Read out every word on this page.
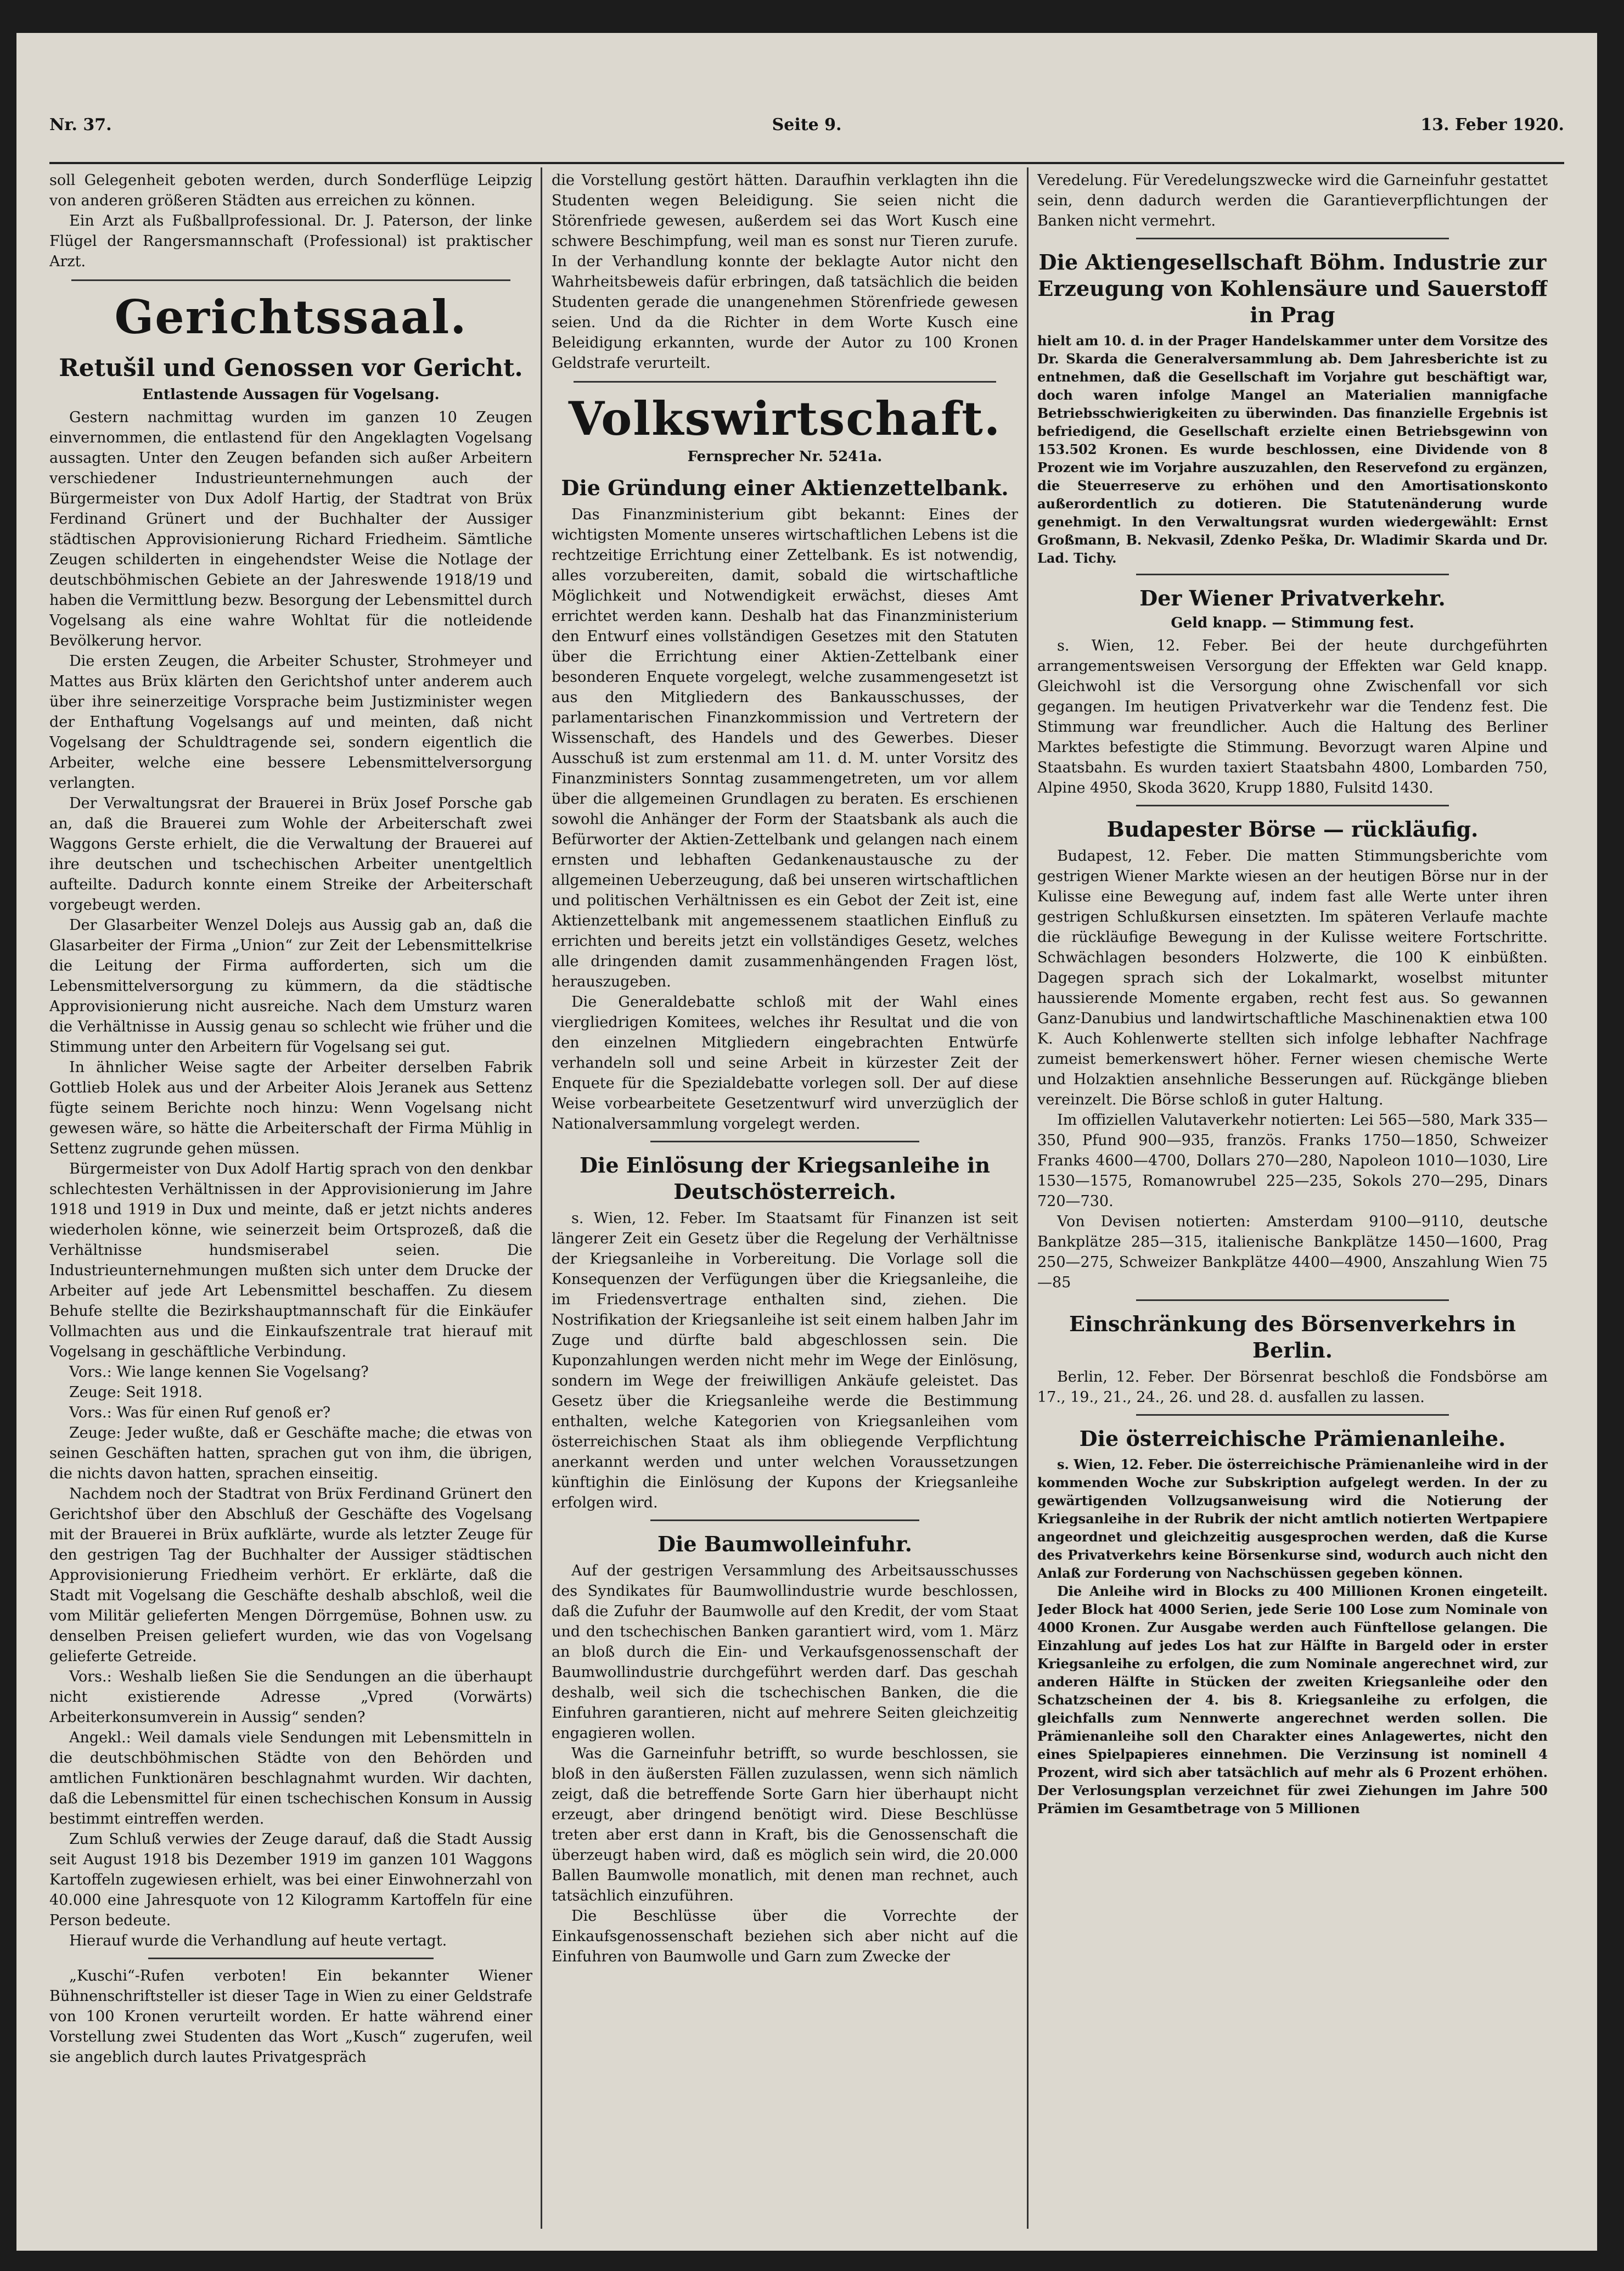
Nr. 37.	Seite 9.	13. Feber 1920.

soll Gelegenheit geboten werden, durch Sonderflüge Leipzig von anderen größeren Städten aus erreichen zu können.

Ein Arzt als Fußballprofessional. Dr. J. Paterson, der linke Flügel der Rangersmannschaft (Professional) ist praktischer Arzt.

Gerichtssaal.
Retušil und Genossen vor Gericht.
Entlastende Aussagen für Vogelsang.

Gestern nachmittag wurden im ganzen 10 Zeugen einvernommen, die entlastend für den Angeklagten Vogelsang aussagten. Unter den Zeugen befanden sich außer Arbeitern verschiedener Industrieunternehmungen auch der Bürgermeister von Dux Adolf Hartig, der Stadtrat von Brüx Ferdinand Grünert und der Buchhalter der Aussiger städtischen Approvisionierung Richard Friedheim. Sämtliche Zeugen schilderten in eingehendster Weise die Notlage der deutschböhmischen Gebiete an der Jahreswende 1918/19 und haben die Vermittlung bezw. Besorgung der Lebensmittel durch Vogelsang als eine wahre Wohltat für die notleidende Bevölkerung hervor.

Die ersten Zeugen, die Arbeiter Schuster, Strohmeyer und Mattes aus Brüx klärten den Gerichtshof unter anderem auch über ihre seinerzeitige Vorsprache beim Justizminister wegen der Enthaftung Vogelsangs auf und meinten, daß nicht Vogelsang der Schuldtragende sei, sondern eigentlich die Arbeiter, welche eine bessere Lebensmittelversorgung verlangten.

Der Verwaltungsrat der Brauerei in Brüx Josef Porsche gab an, daß die Brauerei zum Wohle der Arbeiterschaft zwei Waggons Gerste erhielt, die die Verwaltung der Brauerei auf ihre deutschen und tschechischen Arbeiter unentgeltlich aufteilte. Dadurch konnte einem Streike der Arbeiterschaft vorgebeugt werden.

Der Glasarbeiter Wenzel Dolejs aus Aussig gab an, daß die Glasarbeiter der Firma „Union“ zur Zeit der Lebensmittelkrise die Leitung der Firma aufforderten, sich um die Lebensmittelversorgung zu kümmern, da die städtische Approvisionierung nicht ausreiche. Nach dem Umsturz waren die Verhältnisse in Aussig genau so schlecht wie früher und die Stimmung unter den Arbeitern für Vogelsang sei gut.

In ähnlicher Weise sagte der Arbeiter derselben Fabrik Gottlieb Holek aus und der Arbeiter Alois Jeranek aus Settenz fügte seinem Berichte noch hinzu: Wenn Vogelsang nicht gewesen wäre, so hätte die Arbeiterschaft der Firma Mühlig in Settenz zugrunde gehen müssen.

Bürgermeister von Dux Adolf Hartig sprach von den denkbar schlechtesten Verhältnissen in der Approvisionierung im Jahre 1918 und 1919 in Dux und meinte, daß er jetzt nichts anderes wiederholen könne, wie seinerzeit beim Ortsprozeß, daß die Verhältnisse hundsmiserabel seien. Die Industrieunternehmungen mußten sich unter dem Drucke der Arbeiter auf jede Art Lebensmittel beschaffen. Zu diesem Behufe stellte die Bezirkshauptmannschaft für die Einkäufer Vollmachten aus und die Einkaufszentrale trat hierauf mit Vogelsang in geschäftliche Verbindung.

Vors.: Wie lange kennen Sie Vogelsang?

Zeuge: Seit 1918.

Vors.: Was für einen Ruf genoß er?

Zeuge: Jeder wußte, daß er Geschäfte mache; die etwas von seinen Geschäften hatten, sprachen gut von ihm, die übrigen, die nichts davon hatten, sprachen einseitig.

Nachdem noch der Stadtrat von Brüx Ferdinand Grünert den Gerichtshof über den Abschluß der Geschäfte des Vogelsang mit der Brauerei in Brüx aufklärte, wurde als letzter Zeuge für den gestrigen Tag der Buchhalter der Aussiger städtischen Approvisionierung Friedheim verhört. Er erklärte, daß die Stadt mit Vogelsang die Geschäfte deshalb abschloß, weil die vom Militär gelieferten Mengen Dörrgemüse, Bohnen usw. zu denselben Preisen geliefert wurden, wie das von Vogelsang gelieferte Getreide.

Vors.: Weshalb ließen Sie die Sendungen an die überhaupt nicht existierende Adresse „Vpred (Vorwärts) Arbeiterkonsumverein in Aussig“ senden?

Angekl.: Weil damals viele Sendungen mit Lebensmitteln in die deutschböhmischen Städte von den Behörden und amtlichen Funktionären beschlagnahmt wurden. Wir dachten, daß die Lebensmittel für einen tschechischen Konsum in Aussig bestimmt eintreffen werden.

Zum Schluß verwies der Zeuge darauf, daß die Stadt Aussig seit August 1918 bis Dezember 1919 im ganzen 101 Waggons Kartoffeln zugewiesen erhielt, was bei einer Einwohnerzahl von 40.000 eine Jahresquote von 12 Kilogramm Kartoffeln für eine Person bedeute.

Hierauf wurde die Verhandlung auf heute vertagt.

„Kuschi“-Rufen verboten! Ein bekannter Wiener Bühnenschriftsteller ist dieser Tage in Wien zu einer Geldstrafe von 100 Kronen verurteilt worden. Er hatte während einer Vorstellung zwei Studenten das Wort „Kusch“ zugerufen, weil sie angeblich durch lautes Privatgespräch

die Vorstellung gestört hätten. Daraufhin verklagten ihn die Studenten wegen Beleidigung. Sie seien nicht die Störenfriede gewesen, außerdem sei das Wort Kusch eine schwere Beschimpfung, weil man es sonst nur Tieren zurufe. In der Verhandlung konnte der beklagte Autor nicht den Wahrheitsbeweis dafür erbringen, daß tatsächlich die beiden Studenten gerade die unangenehmen Störenfriede gewesen seien. Und da die Richter in dem Worte Kusch eine Beleidigung erkannten, wurde der Autor zu 100 Kronen Geldstrafe verurteilt.

Volkswirtschaft.
Fernsprecher Nr. 5241a.
Die Gründung einer Aktienzettelbank.

Das Finanzministerium gibt bekannt: Eines der wichtigsten Momente unseres wirtschaftlichen Lebens ist die rechtzeitige Errichtung einer Zettelbank. Es ist notwendig, alles vorzubereiten, damit, sobald die wirtschaftliche Möglichkeit und Notwendigkeit erwächst, dieses Amt errichtet werden kann. Deshalb hat das Finanzministerium den Entwurf eines vollständigen Gesetzes mit den Statuten über die Errichtung einer Aktien-Zettelbank einer besonderen Enquete vorgelegt, welche zusammengesetzt ist aus den Mitgliedern des Bankausschusses, der parlamentarischen Finanzkommission und Vertretern der Wissenschaft, des Handels und des Gewerbes. Dieser Ausschuß ist zum erstenmal am 11. d. M. unter Vorsitz des Finanzministers Sonntag zusammengetreten, um vor allem über die allgemeinen Grundlagen zu beraten. Es erschienen sowohl die Anhänger der Form der Staatsbank als auch die Befürworter der Aktien-Zettelbank und gelangen nach einem ernsten und lebhaften Gedankenaustausche zu der allgemeinen Ueberzeugung, daß bei unseren wirtschaftlichen und politischen Verhältnissen es ein Gebot der Zeit ist, eine Aktienzettelbank mit angemessenem staatlichen Einfluß zu errichten und bereits jetzt ein vollständiges Gesetz, welches alle dringenden damit zusammenhängenden Fragen löst, herauszugeben.

Die Generaldebatte schloß mit der Wahl eines viergliedrigen Komitees, welches ihr Resultat und die von den einzelnen Mitgliedern eingebrachten Entwürfe verhandeln soll und seine Arbeit in kürzester Zeit der Enquete für die Spezialdebatte vorlegen soll. Der auf diese Weise vorbearbeitete Gesetzentwurf wird unverzüglich der Nationalversammlung vorgelegt werden.

Die Einlösung der Kriegsanleihe in Deutschösterreich.

s. Wien, 12. Feber. Im Staatsamt für Finanzen ist seit längerer Zeit ein Gesetz über die Regelung der Verhältnisse der Kriegsanleihe in Vorbereitung. Die Vorlage soll die Konsequenzen der Verfügungen über die Kriegsanleihe, die im Friedensvertrage enthalten sind, ziehen. Die Nostrifikation der Kriegsanleihe ist seit einem halben Jahr im Zuge und dürfte bald abgeschlossen sein. Die Kuponzahlungen werden nicht mehr im Wege der Einlösung, sondern im Wege der freiwilligen Ankäufe geleistet. Das Gesetz über die Kriegsanleihe werde die Bestimmung enthalten, welche Kategorien von Kriegsanleihen vom österreichischen Staat als ihm obliegende Verpflichtung anerkannt werden und unter welchen Voraussetzungen künftighin die Einlösung der Kupons der Kriegsanleihe erfolgen wird.

Die Baumwolleinfuhr.

Auf der gestrigen Versammlung des Arbeitsausschusses des Syndikates für Baumwollindustrie wurde beschlossen, daß die Zufuhr der Baumwolle auf den Kredit, der vom Staat und den tschechischen Banken garantiert wird, vom 1. März an bloß durch die Ein- und Verkaufsgenossenschaft der Baumwollindustrie durchgeführt werden darf. Das geschah deshalb, weil sich die tschechischen Banken, die die Einfuhren garantieren, nicht auf mehrere Seiten gleichzeitig engagieren wollen.

Was die Garneinfuhr betrifft, so wurde beschlossen, sie bloß in den äußersten Fällen zuzulassen, wenn sich nämlich zeigt, daß die betreffende Sorte Garn hier überhaupt nicht erzeugt, aber dringend benötigt wird. Diese Beschlüsse treten aber erst dann in Kraft, bis die Genossenschaft die überzeugt haben wird, daß es möglich sein wird, die 20.000 Ballen Baumwolle monatlich, mit denen man rechnet, auch tatsächlich einzuführen.

Die Beschlüsse über die Vorrechte der Einkaufsgenossenschaft beziehen sich aber nicht auf die Einfuhren von Baumwolle und Garn zum Zwecke der

Veredelung. Für Veredelungszwecke wird die Garneinfuhr gestattet sein, denn dadurch werden die Garantieverpflichtungen der Banken nicht vermehrt.

Die Aktiengesellschaft Böhm. Industrie zur Erzeugung von Kohlensäure und Sauerstoff in Prag

hielt am 10. d. in der Prager Handelskammer unter dem Vorsitze des Dr. Skarda die Generalversammlung ab. Dem Jahresberichte ist zu entnehmen, daß die Gesellschaft im Vorjahre gut beschäftigt war, doch waren infolge Mangel an Materialien mannigfache Betriebsschwierigkeiten zu überwinden. Das finanzielle Ergebnis ist befriedigend, die Gesellschaft erzielte einen Betriebsgewinn von 153.502 Kronen. Es wurde beschlossen, eine Dividende von 8 Prozent wie im Vorjahre auszuzahlen, den Reservefond zu ergänzen, die Steuerreserve zu erhöhen und den Amortisationskonto außerordentlich zu dotieren. Die Statutenänderung wurde genehmigt. In den Verwaltungsrat wurden wiedergewählt: Ernst Großmann, B. Nekvasil, Zdenko Peška, Dr. Wladimir Skarda und Dr. Lad. Tichy.

Der Wiener Privatverkehr.
Geld knapp. — Stimmung fest.

s. Wien, 12. Feber. Bei der heute durchgeführten arrangementsweisen Versorgung der Effekten war Geld knapp. Gleichwohl ist die Versorgung ohne Zwischenfall vor sich gegangen. Im heutigen Privatverkehr war die Tendenz fest. Die Stimmung war freundlicher. Auch die Haltung des Berliner Marktes befestigte die Stimmung. Bevorzugt waren Alpine und Staatsbahn. Es wurden taxiert Staatsbahn 4800, Lombarden 750, Alpine 4950, Skoda 3620, Krupp 1880, Fulsitd 1430.

Budapester Börse — rückläufig.

Budapest, 12. Feber. Die matten Stimmungsberichte vom gestrigen Wiener Markte wiesen an der heutigen Börse nur in der Kulisse eine Bewegung auf, indem fast alle Werte unter ihren gestrigen Schlußkursen einsetzten. Im späteren Verlaufe machte die rückläufige Bewegung in der Kulisse weitere Fortschritte. Schwächlagen besonders Holzwerte, die 100 K einbüßten. Dagegen sprach sich der Lokalmarkt, woselbst mitunter haussierende Momente ergaben, recht fest aus. So gewannen Ganz-Danubius und landwirtschaftliche Maschinenaktien etwa 100 K. Auch Kohlenwerte stellten sich infolge lebhafter Nachfrage zumeist bemerkenswert höher. Ferner wiesen chemische Werte und Holzaktien ansehnliche Besserungen auf. Rückgänge blieben vereinzelt. Die Börse schloß in guter Haltung.

Im offiziellen Valutaverkehr notierten: Lei 565—580, Mark 335—350, Pfund 900—935, französ. Franks 1750—1850, Schweizer Franks 4600—4700, Dollars 270—280, Napoleon 1010—1030, Lire 1530—1575, Romanowrubel 225—235, Sokols 270—295, Dinars 720—730.

Von Devisen notierten: Amsterdam 9100—9110, deutsche Bankplätze 285—315, italienische Bankplätze 1450—1600, Prag 250—275, Schweizer Bankplätze 4400—4900, Anszahlung Wien 75—85

Einschränkung des Börsenverkehrs in Berlin.

Berlin, 12. Feber. Der Börsenrat beschloß die Fondsbörse am 17., 19., 21., 24., 26. und 28. d. ausfallen zu lassen.

Die österreichische Prämienanleihe.

s. Wien, 12. Feber. Die österreichische Prämienanleihe wird in der kommenden Woche zur Subskription aufgelegt werden. In der zu gewärtigenden Vollzugsanweisung wird die Notierung der Kriegsanleihe in der Rubrik der nicht amtlich notierten Wertpapiere angeordnet und gleichzeitig ausgesprochen werden, daß die Kurse des Privatverkehrs keine Börsenkurse sind, wodurch auch nicht den Anlaß zur Forderung von Nachschüssen gegeben können.

Die Anleihe wird in Blocks zu 400 Millionen Kronen eingeteilt. Jeder Block hat 4000 Serien, jede Serie 100 Lose zum Nominale von 4000 Kronen. Zur Ausgabe werden auch Fünftellose gelangen. Die Einzahlung auf jedes Los hat zur Hälfte in Bargeld oder in erster Kriegsanleihe zu erfolgen, die zum Nominale angerechnet wird, zur anderen Hälfte in Stücken der zweiten Kriegsanleihe oder den Schatzscheinen der 4. bis 8. Kriegsanleihe zu erfolgen, die gleichfalls zum Nennwerte angerechnet werden sollen. Die Prämienanleihe soll den Charakter eines Anlagewertes, nicht den eines Spielpapieres einnehmen. Die Verzinsung ist nominell 4 Prozent, wird sich aber tatsächlich auf mehr als 6 Prozent erhöhen. Der Verlosungsplan verzeichnet für zwei Ziehungen im Jahre 500 Prämien im Gesamtbetrage von 5 Millionen
